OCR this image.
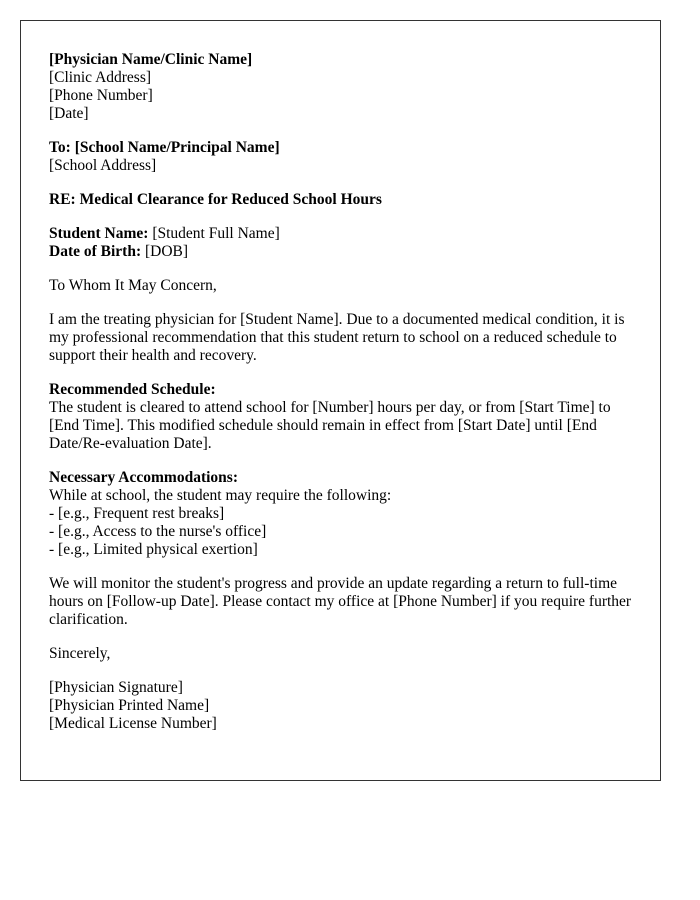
[Physician Name/Clinic Name]
[Clinic Address]
[Phone Number]
[Date]
To: [School Name/Principal Name]
[School Address]
RE: Medical Clearance for Reduced School Hours
Student Name: [Student Full Name]
Date of Birth: [DOB]

To Whom It May Concern,

I am the treating physician for [Student Name]. Due to a documented medical condition, it is my professional recommendation that this student return to school on a reduced schedule to support their health and recovery.

Recommended Schedule:
The student is cleared to attend school for [Number] hours per day, or from [Start Time] to [End Time]. This modified schedule should remain in effect from [Start Date] until [End Date/Re-evaluation Date].
Necessary Accommodations:
While at school, the student may require the following:
- [e.g., Frequent rest breaks]
- [e.g., Access to the nurse's office]
- [e.g., Limited physical exertion]

We will monitor the student's progress and provide an update regarding a return to full-time hours on [Follow-up Date]. Please contact my office at [Phone Number] if you require further clarification.

Sincerely,

[Physician Signature]
[Physician Printed Name]
[Medical License Number]
